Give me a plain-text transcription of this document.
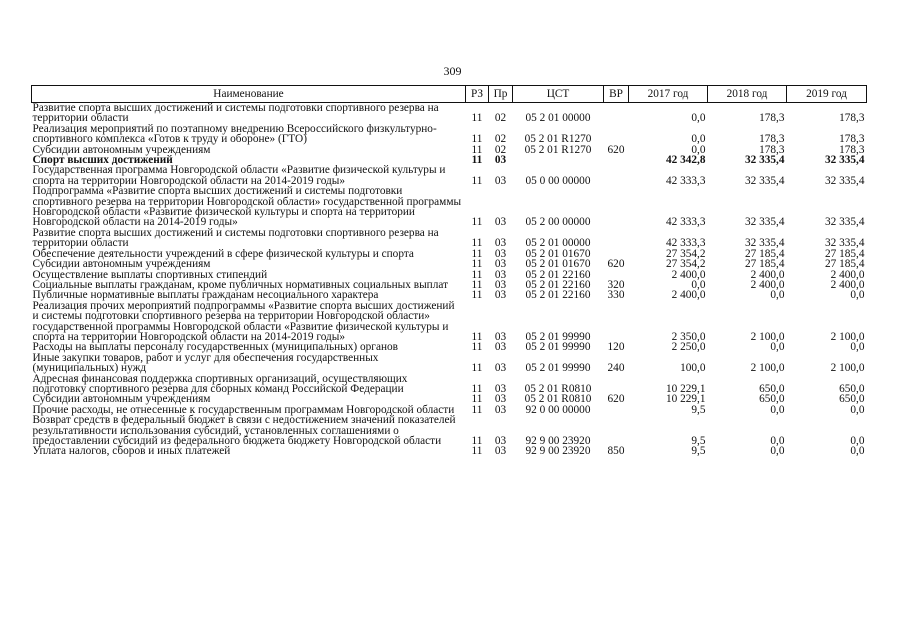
309
Наименование	РЗ	Пр	ЦСТ	ВР	2017 год	2018 год	2019 год
Развитие спорта высших достижений и системы подготовки спортивного резерва на территории области	11	02	05 2 01 00000		0,0	178,3	178,3
Реализация мероприятий по поэтапному внедрению Всероссийского физкультурно-спортивного комплекса «Готов к труду и обороне» (ГТО)	11	02	05 2 01 R1270		0,0	178,3	178,3
Субсидии автономным учреждениям	11	02	05 2 01 R1270	620	0,0	178,3	178,3
Спорт высших достижений	11	03			42 342,8	32 335,4	32 335,4
Государственная программа Новгородской области «Развитие физической культуры и спорта на территории Новгородской области на 2014-2019 годы»	11	03	05 0 00 00000		42 333,3	32 335,4	32 335,4
Подпрограмма «Развитие спорта высших достижений и системы подготовки спортивного резерва на территории Новгородской области» государственной программы Новгородской области «Развитие физической культуры и спорта на территории Новгородской области на 2014-2019 годы»	11	03	05 2 00 00000		42 333,3	32 335,4	32 335,4
Развитие спорта высших достижений и системы подготовки спортивного резерва на территории области	11	03	05 2 01 00000		42 333,3	32 335,4	32 335,4
Обеспечение деятельности учреждений в сфере физической культуры и спорта	11	03	05 2 01 01670		27 354,2	27 185,4	27 185,4
Субсидии автономным учреждениям	11	03	05 2 01 01670	620	27 354,2	27 185,4	27 185,4
Осуществление выплаты спортивных стипендий	11	03	05 2 01 22160		2 400,0	2 400,0	2 400,0
Социальные выплаты гражданам, кроме публичных нормативных социальных выплат	11	03	05 2 01 22160	320	0,0	2 400,0	2 400,0
Публичные нормативные выплаты гражданам несоциального характера	11	03	05 2 01 22160	330	2 400,0	0,0	0,0
Реализация прочих мероприятий подпрограммы «Развитие спорта высших достижений и системы подготовки спортивного резерва на территории Новгородской области» государственной программы Новгородской области «Развитие физической культуры и спорта на территории Новгородской области на 2014-2019 годы»	11	03	05 2 01 99990		2 350,0	2 100,0	2 100,0
Расходы на выплаты персоналу государственных (муниципальных) органов	11	03	05 2 01 99990	120	2 250,0	0,0	0,0
Иные закупки товаров, работ и услуг для обеспечения государственных (муниципальных) нужд	11	03	05 2 01 99990	240	100,0	2 100,0	2 100,0
Адресная финансовая поддержка спортивных организаций, осуществляющих подготовку спортивного резерва для сборных команд Российской Федерации	11	03	05 2 01 R0810		10 229,1	650,0	650,0
Субсидии автономным учреждениям	11	03	05 2 01 R0810	620	10 229,1	650,0	650,0
Прочие расходы, не отнесенные к государственным программам Новгородской области	11	03	92 0 00 00000		9,5	0,0	0,0
Возврат средств в федеральный бюджет в связи с недостижением значений показателей результативности использования субсидий, установленных соглашениями о предоставлении субсидий из федерального бюджета бюджету Новгородской области	11	03	92 9 00 23920		9,5	0,0	0,0
Уплата налогов, сборов и иных платежей	11	03	92 9 00 23920	850	9,5	0,0	0,0
